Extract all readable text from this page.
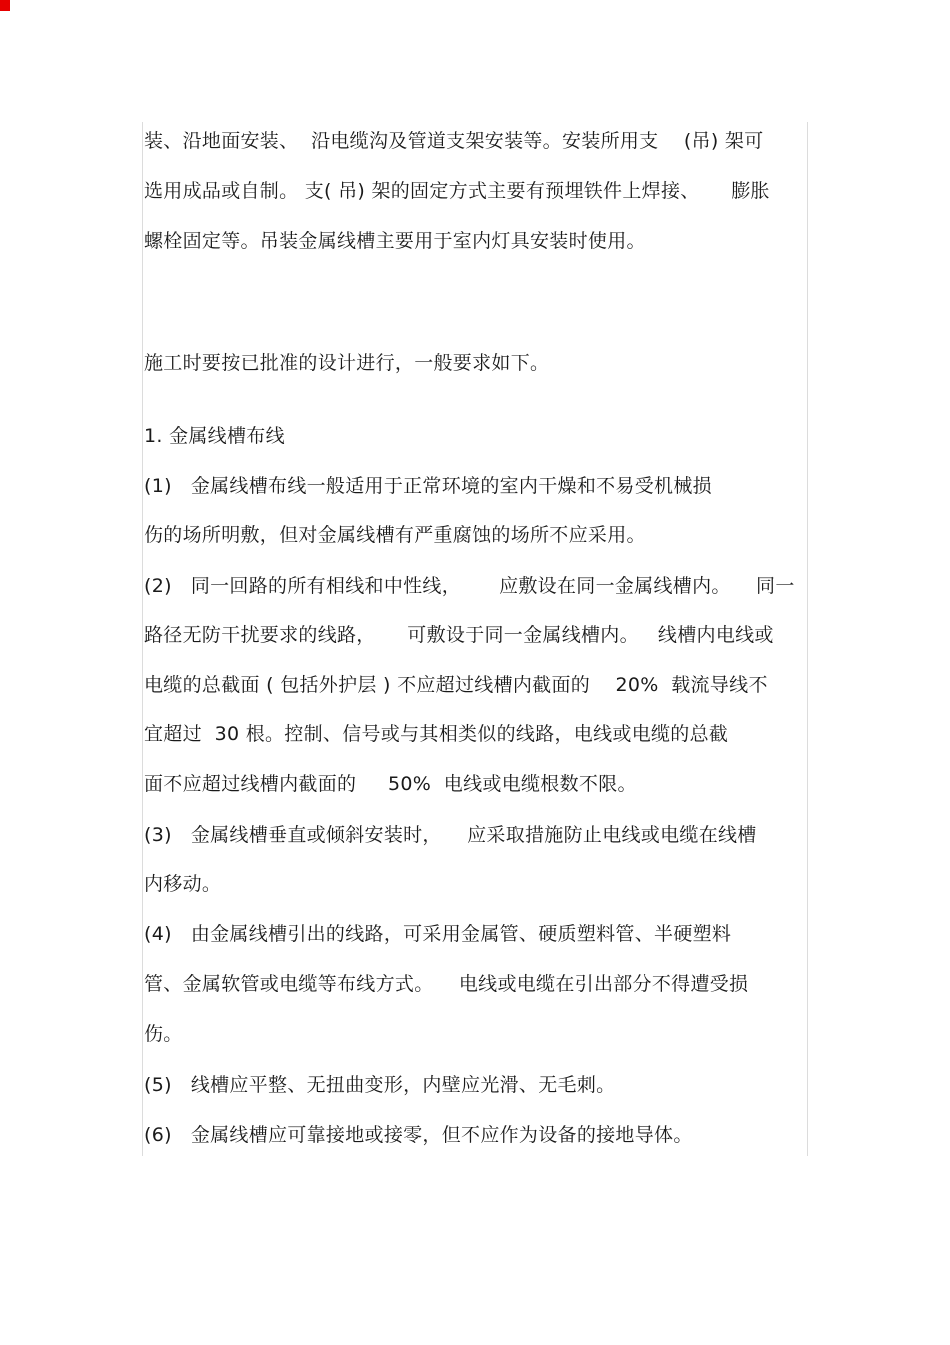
装、沿地面安装、  沿电缆沟及管道支架安装等。安装所用支    (吊) 架可
选用成品或自制。 支( 吊) 架的固定方式主要有预埋铁件上焊接、     膨胀
螺栓固定等。吊装金属线槽主要用于室内灯具安装时使用。
施工时要按已批准的设计进行，一般要求如下。
1. 金属线槽布线
(1)   金属线槽布线一般适用于正常环境的室内干燥和不易受机械损
伤的场所明敷，但对金属线槽有严重腐蚀的场所不应采用。
(2)   同一回路的所有相线和中性线，      应敷设在同一金属线槽内。    同一
路径无防干扰要求的线路，     可敷设于同一金属线槽内。   线槽内电线或
电缆的总截面 ( 包括外护层 ) 不应超过线槽内截面的    20%  载流导线不
宜超过  30 根。控制、信号或与其相类似的线路，电线或电缆的总截
面不应超过线槽内截面的     50%  电线或电缆根数不限。
(3)   金属线槽垂直或倾斜安装时，    应采取措施防止电线或电缆在线槽
内移动。
(4)   由金属线槽引出的线路，可采用金属管、硬质塑料管、半硬塑料
管、金属软管或电缆等布线方式。    电线或电缆在引出部分不得遭受损
伤。
(5)   线槽应平整、无扭曲变形，内壁应光滑、无毛刺。
(6)   金属线槽应可靠接地或接零，但不应作为设备的接地导体。
